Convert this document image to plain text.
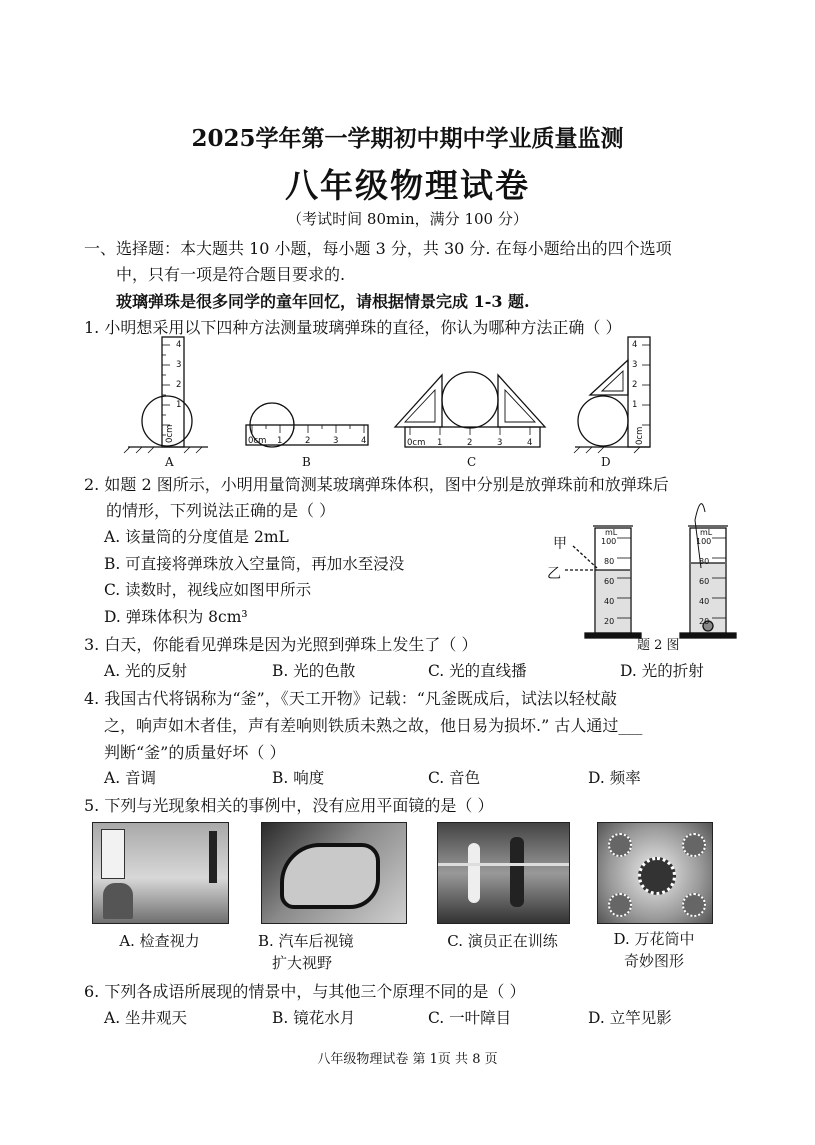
2025学年第一学期初中期中学业质量监测
八年级物理试卷
（考试时间 80min，满分 100 分）
一、选择题：本大题共 10 小题，每小题 3 分，共 30 分. 在每小题给出的四个选项
中，只有一项是符合题目要求的.
玻璃弹珠是很多同学的童年回忆，请根据情景完成 1-3 题.
1. 小明想采用以下四种方法测量玻璃弹珠的直径，你认为哪种方法正确（ ）
0cm
1
2
3
4
0cm 1	2	3	4	0cm 1	2	3	4	0cm
1
2
3
4
A	B	C	D
2. 如题 2 图所示，小明用量筒测某玻璃弹珠体积，图中分别是放弹珠前和放弹珠后
的情形，下列说法正确的是（ ）
A. 该量筒的分度值是 2mL
B. 可直接将弹珠放入空量筒，再加水至浸没
C. 读数时，视线应如图甲所示
D. 弹珠体积为 8cm³
mL
100
80
60
40
20
mL
100
80
60
40
20
甲
乙
题 2 图
3. 白天，你能看见弹珠是因为光照到弹珠上发生了（ ）
A. 光的反射	B. 光的色散	C. 光的直线播	D. 光的折射
4. 我国古代将锅称为“釜”，《天工开物》记载：“凡釜既成后，试法以轻杖敲
之，响声如木者佳，声有差响则铁质未熟之故，他日易为损坏.” 古人通过___
判断“釜”的质量好坏（ ）
A. 音调	B. 响度	C. 音色	D. 频率
5. 下列与光现象相关的事例中，没有应用平面镜的是（ ）
A. 检查视力	B. 汽车后视镜
扩大视野
C. 演员正在训练	D. 万花筒中
奇妙图形
6. 下列各成语所展现的情景中，与其他三个原理不同的是（ ）
A. 坐井观天	B. 镜花水月	C. 一叶障目	D. 立竿见影
八年级物理试卷 第 1页 共 8 页
